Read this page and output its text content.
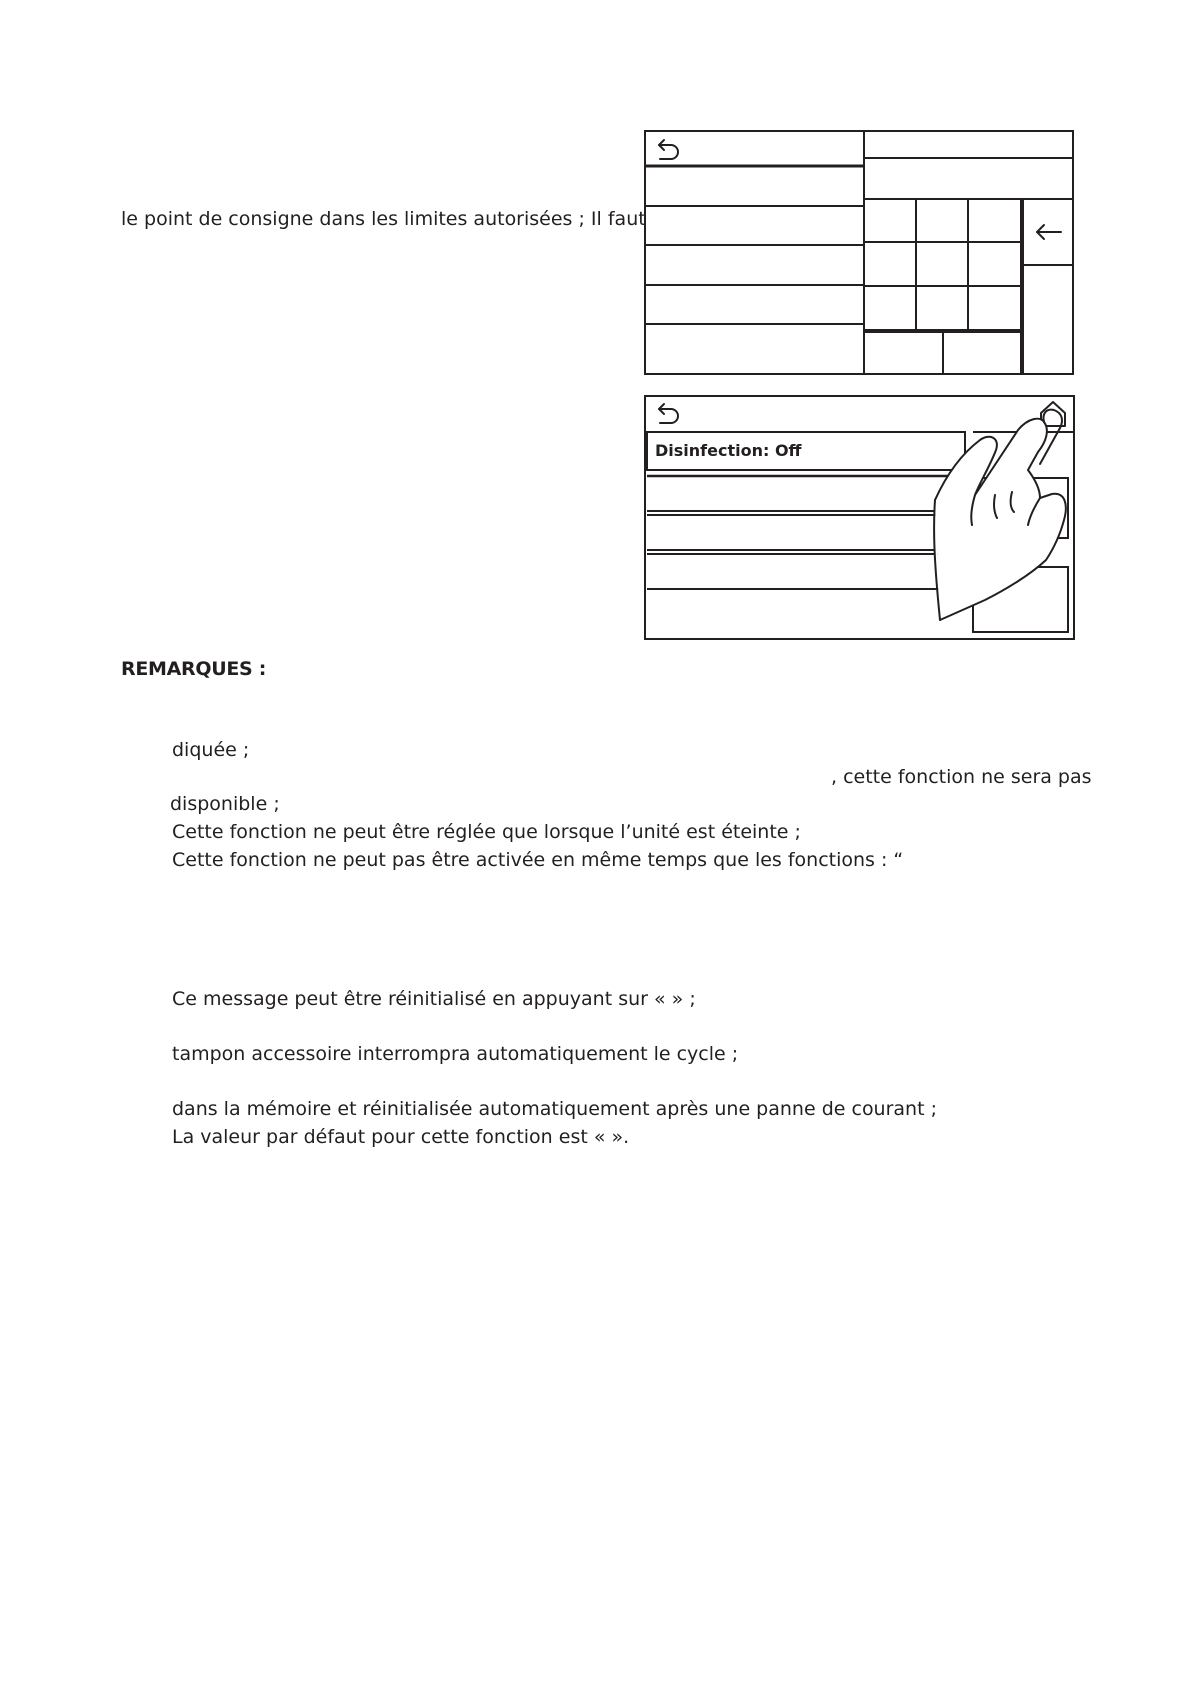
le point de consigne dans les limites autorisées ; Il faut
Disinfection: Off
REMARQUES :
diquée ;
, cette fonction ne sera pas
disponible ;
Cette fonction ne peut être réglée que lorsque l’unité est éteinte ;
Cette fonction ne peut pas être activée en même temps que les fonctions : “
Ce message peut être réinitialisé en appuyant sur « » ;
tampon accessoire interrompra automatiquement le cycle ;
dans la mémoire et réinitialisée automatiquement après une panne de courant ;
La valeur par défaut pour cette fonction est « ».
